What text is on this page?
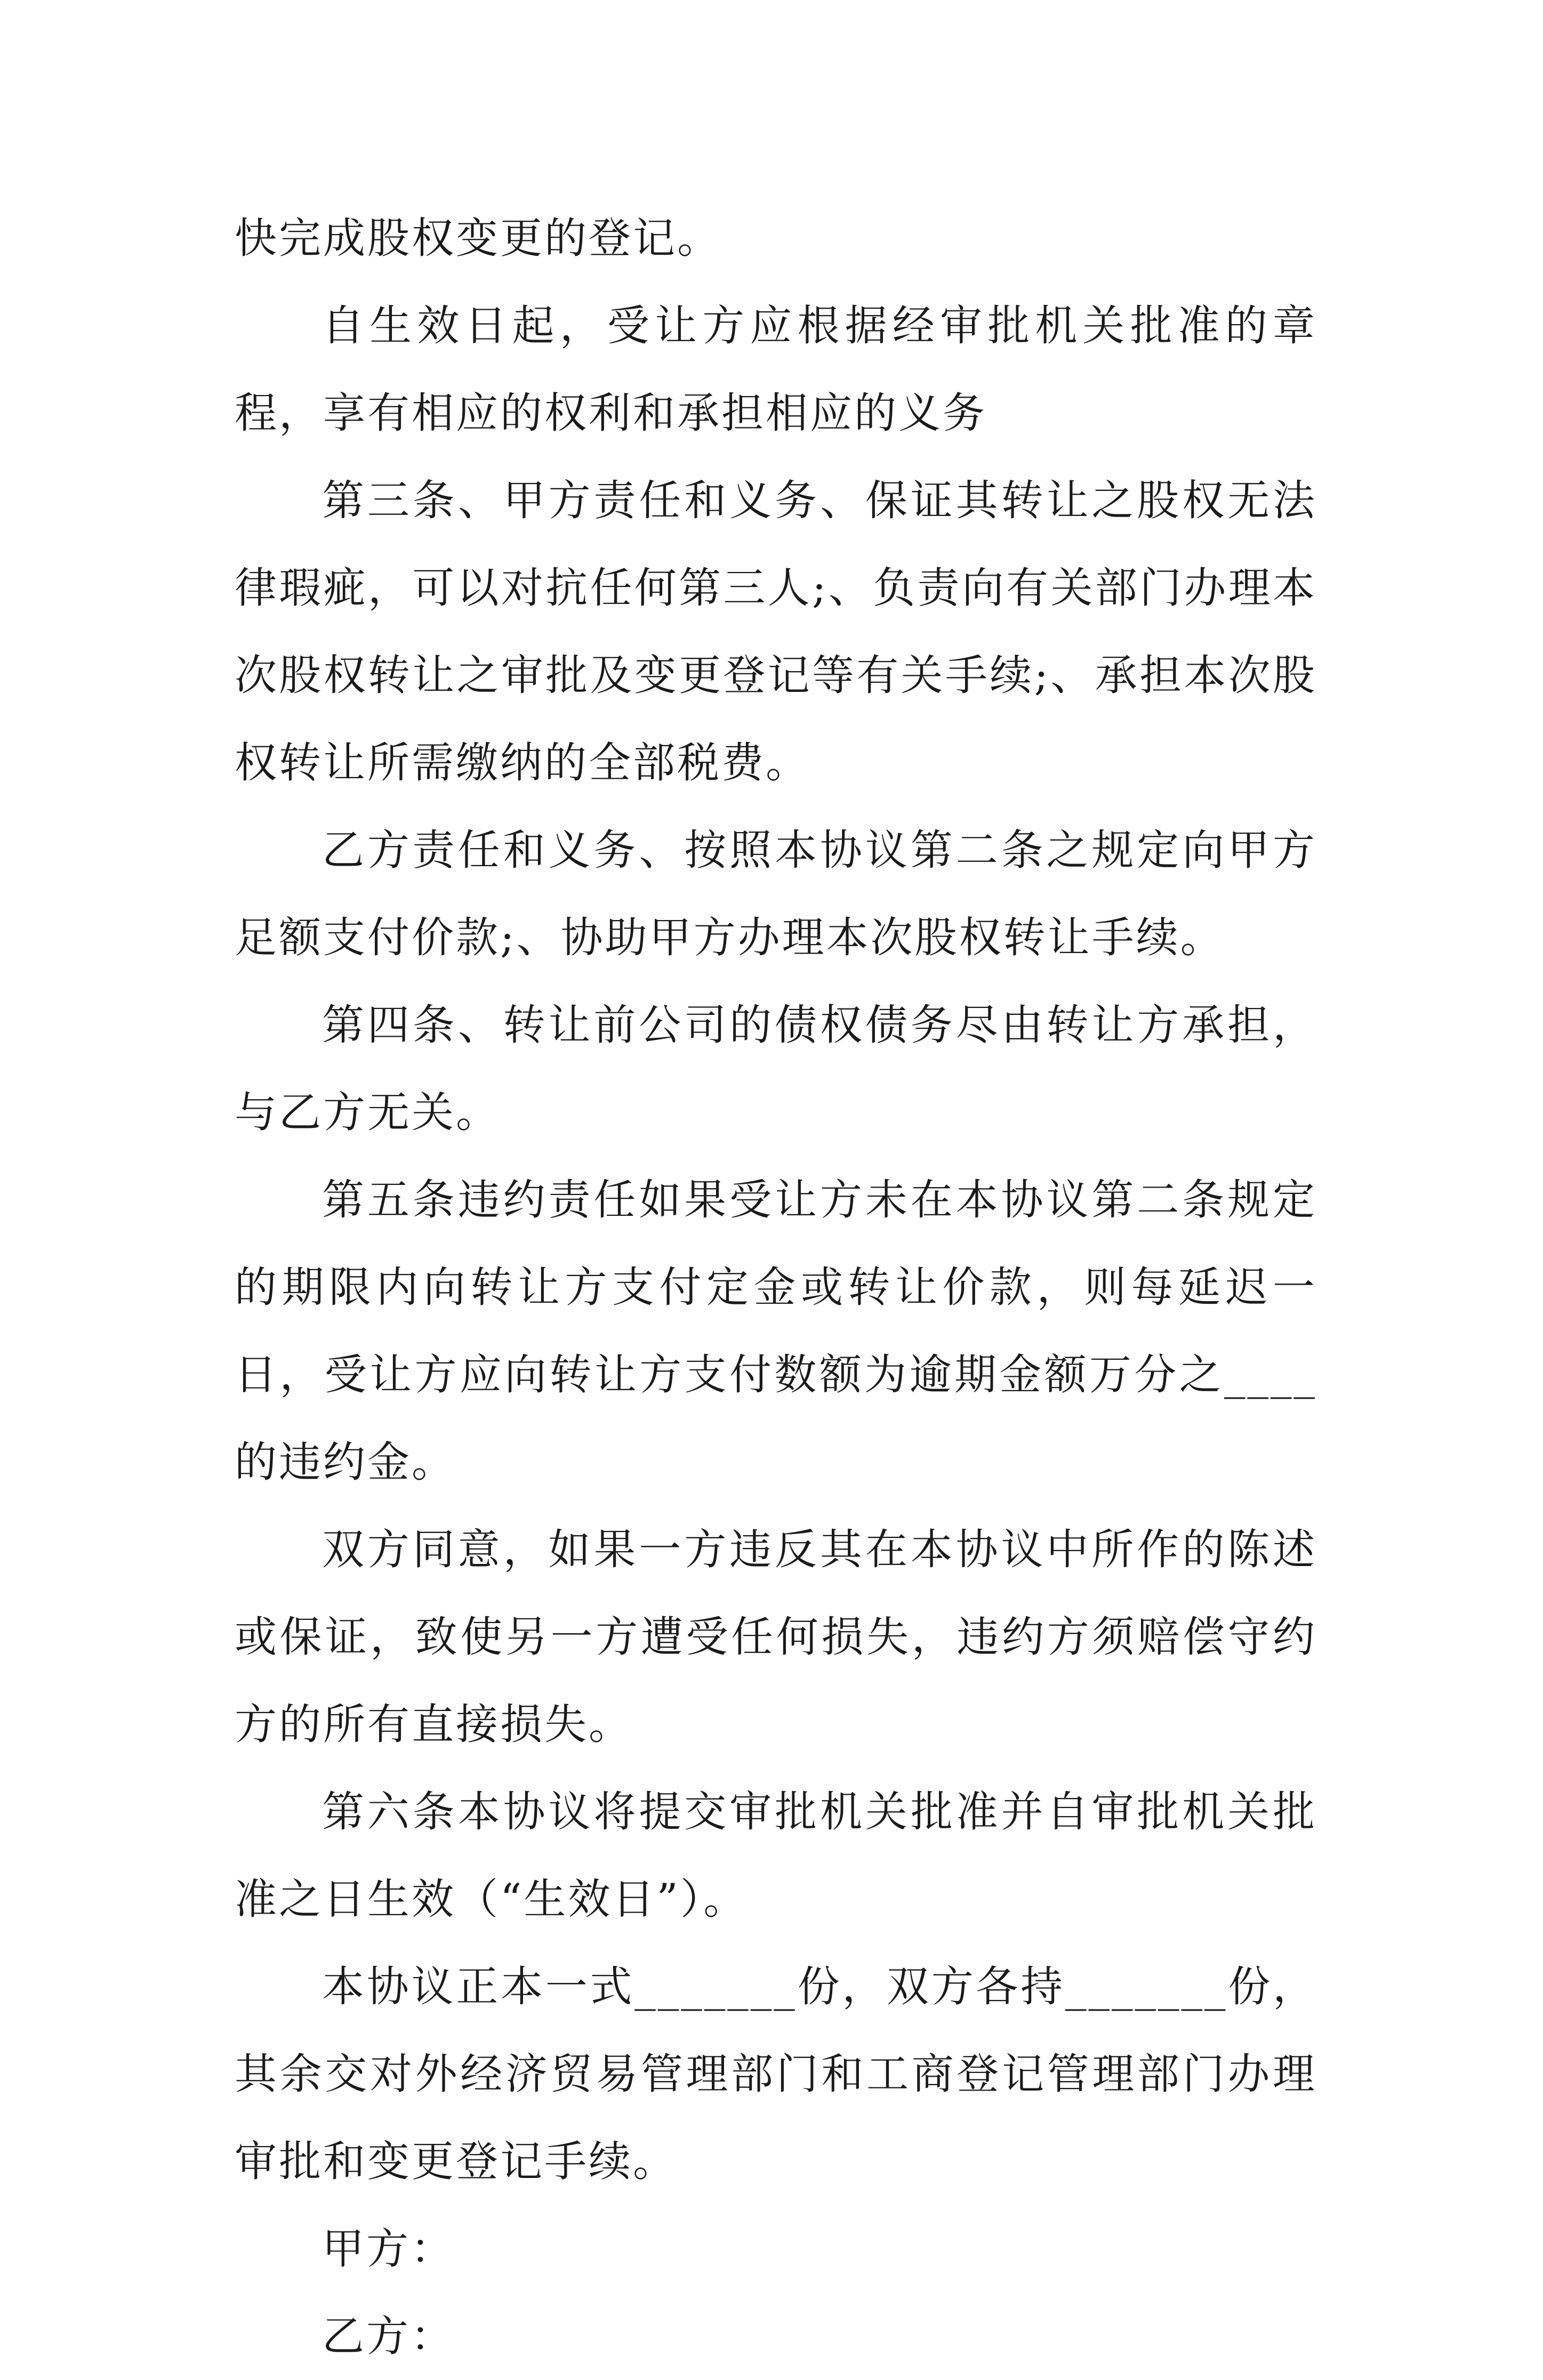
快完成股权变更的登记。

自生效日起，受让方应根据经审批机关批准的章程，享有相应的权利和承担相应的义务

第三条、甲方责任和义务、保证其转让之股权无法律瑕疵，可以对抗任何第三人;、负责向有关部门办理本次股权转让之审批及变更登记等有关手续;、承担本次股权转让所需缴纳的全部税费。

乙方责任和义务、按照本协议第二条之规定向甲方足额支付价款;、协助甲方办理本次股权转让手续。

第四条、转让前公司的债权债务尽由转让方承担，与乙方无关。

第五条违约责任如果受让方未在本协议第二条规定的期限内向转让方支付定金或转让价款，则每延迟一日，受让方应向转让方支付数额为逾期金额万分之____的违约金。

双方同意，如果一方违反其在本协议中所作的陈述或保证，致使另一方遭受任何损失，违约方须赔偿守约方的所有直接损失。

第六条本协议将提交审批机关批准并自审批机关批准之日生效（“生效日”）。

本协议正本一式_______份，双方各持_______份，其余交对外经济贸易管理部门和工商登记管理部门办理审批和变更登记手续。

甲方：

乙方：
